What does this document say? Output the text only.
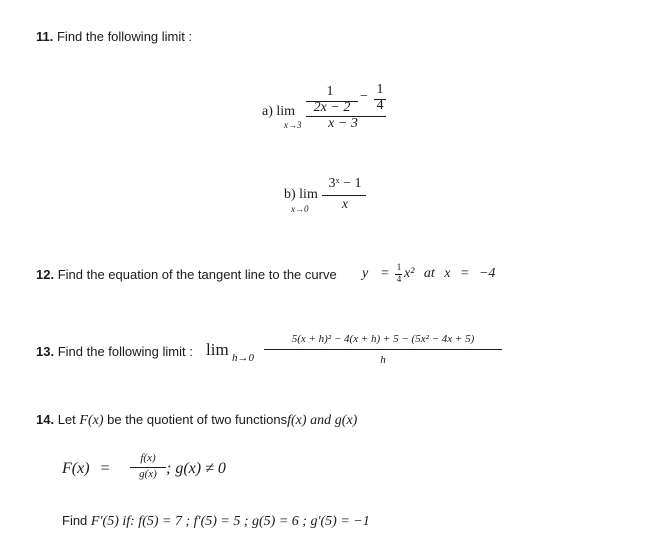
11. Find the following limit :
a) lim
x→3
1
2x − 2
− 1
4
x − 3
b) lim
x→0
3ˣ − 1
x
12. Find the equation of the tangent line to the curve y = 1
4 x² at x = −4
13. Find the following limit : lim h→0
5(x + h)² − 4(x + h) + 5 − (5x² − 4x + 5)
h
14. Let F(x) be the quotient of two functionsf(x) and g(x)
F(x) =
f(x)
g(x) ; g(x) ≠ 0
Find F′(5) if: f(5) = 7 ; f′(5) = 5 ; g(5) = 6 ; g′(5) = −1
